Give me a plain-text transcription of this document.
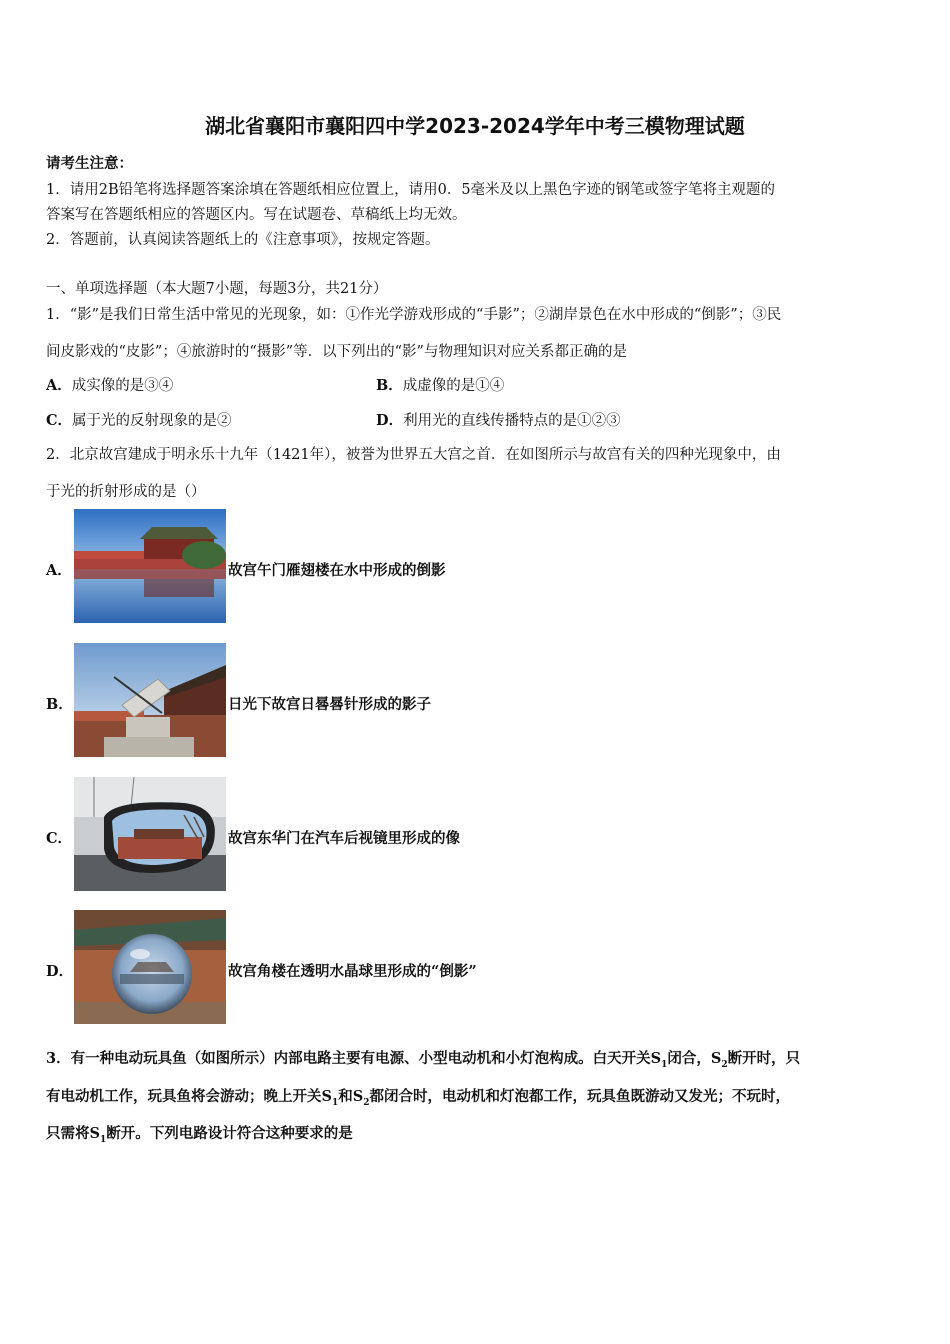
湖北省襄阳市襄阳四中学2023-2024学年中考三模物理试题
请考生注意：
1．请用2B铅笔将选择题答案涂填在答题纸相应位置上，请用0．5毫米及以上黑色字迹的钢笔或签字笔将主观题的
答案写在答题纸相应的答题区内。写在试题卷、草稿纸上均无效。
2．答题前，认真阅读答题纸上的《注意事项》，按规定答题。
一、单项选择题（本大题7小题，每题3分，共21分）
1．“影”是我们日常生活中常见的光现象，如：①作光学游戏形成的“手影”；②湖岸景色在水中形成的“倒影”；③民
间皮影戏的“皮影”；④旅游时的“摄影”等．以下列出的“影”与物理知识对应关系都正确的是
A．成实像的是③④	B．成虚像的是①④
C．属于光的反射现象的是②	D．利用光的直线传播特点的是①②③
2．北京故宫建成于明永乐十九年（1421年），被誉为世界五大宫之首．在如图所示与故宫有关的四种光现象中，由
于光的折射形成的是（）
A．	故宫午门雁翅楼在水中形成的倒影
B．	日光下故宫日晷晷针形成的影子
C．	故宫东华门在汽车后视镜里形成的像
D．	故宫角楼在透明水晶球里形成的“倒影”
3．有一种电动玩具鱼（如图所示）内部电路主要有电源、小型电动机和小灯泡构成。白天开关$S_1$闭合，$S_2$断开时，只
有电动机工作，玩具鱼将会游动；晚上开关$S_1$和$S_2$都闭合时，电动机和灯泡都工作，玩具鱼既游动又发光；不玩时，
只需将$S_1$断开。下列电路设计符合这种要求的是
